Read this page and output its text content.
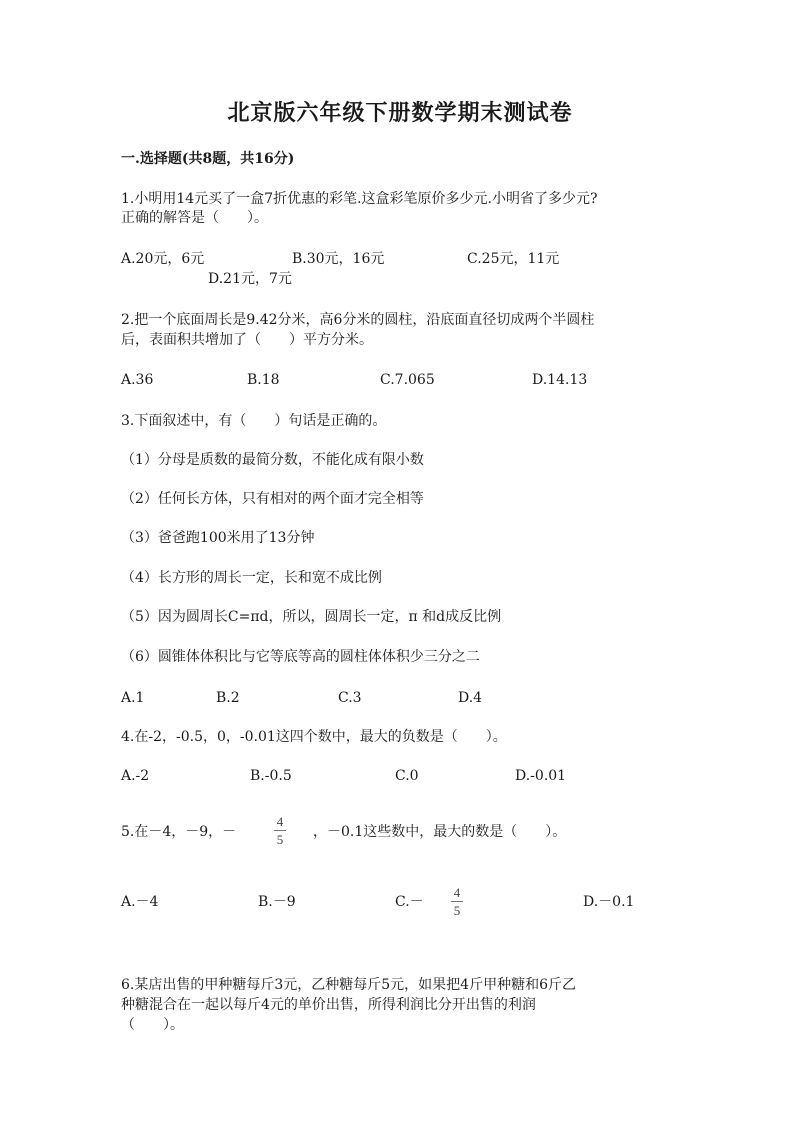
北京版六年级下册数学期末测试卷
一.选择题(共8题，共16分)
1.小明用14元买了一盒7折优惠的彩笔.这盒彩笔原价多少元.小明省了多少元?
正确的解答是（　　）。
A.20元，6元	B.30元，16元	C.25元，11元
D.21元，7元
2.把一个底面周长是9.42分米，高6分米的圆柱，沿底面直径切成两个半圆柱
后，表面积共增加了（　　）平方分米。
A.36	B.18	C.7.065	D.14.13
3.下面叙述中，有（　　）句话是正确的。
（1）分母是质数的最简分数，不能化成有限小数
（2）任何长方体，只有相对的两个面才完全相等
（3）爸爸跑100米用了13分钟
（4）长方形的周长一定，长和宽不成比例
（5）因为圆周长C=πd，所以，圆周长一定，π 和d成反比例
（6）圆锥体体积比与它等底等高的圆柱体体积少三分之二
A.1	B.2	C.3	D.4
4.在-2，-0.5，0，-0.01这四个数中，最大的负数是（　　）。
A.-2	B.-0.5	C.0	D.-0.01
5.在－4，－9，－
4
5	，－0.1这些数中，最大的数是（　　）。
A.－4	B.－9	C.－
4
5
D.－0.1
6.某店出售的甲种糖每斤3元，乙种糖每斤5元，如果把4斤甲种糖和6斤乙
种糖混合在一起以每斤4元的单价出售，所得利润比分开出售的利润
（　　）。
